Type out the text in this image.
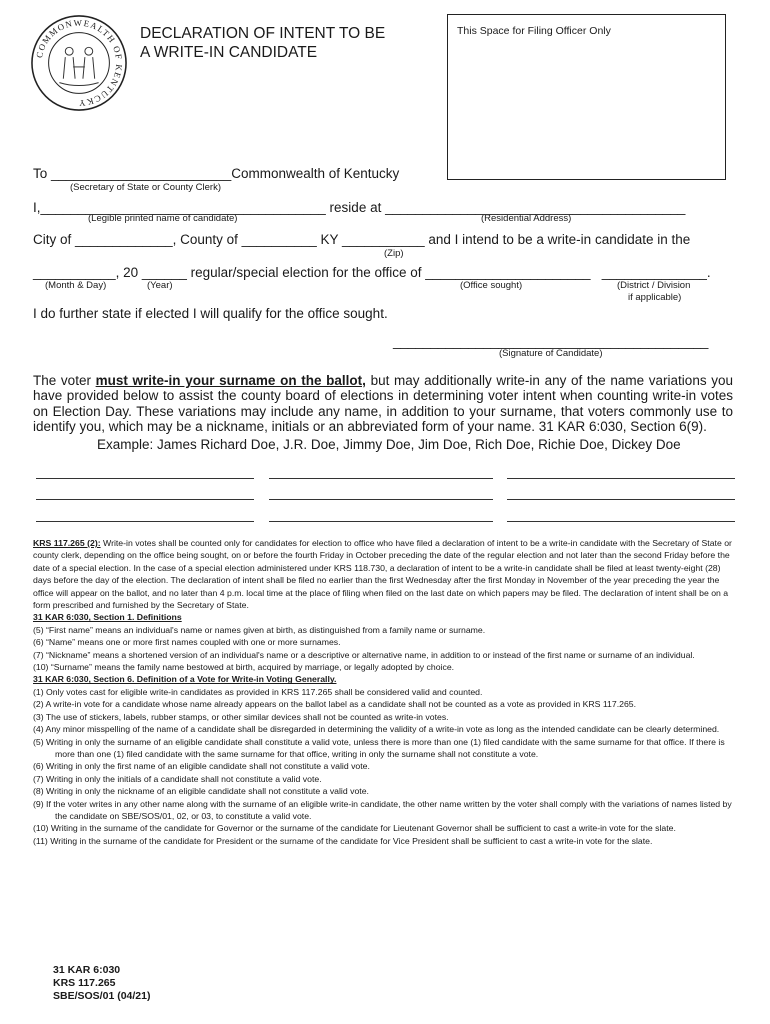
COMMONWEALTH OF KENTUCKY
DECLARATION OF INTENT TO BE
A WRITE-IN CANDIDATE
This Space for Filing Officer Only
To ________________________Commonwealth of Kentucky
(Secretary of State or County Clerk)
I,______________________________________ reside at ________________________________________
(Legible printed name of candidate)	(Residential Address)
City of _____________, County of __________ KY ___________ and I intend to be a write-in candidate in the
(Zip)
___________, 20 ______ regular/special election for the office of ______________________   ______________.
(Month & Day)	(Year)	(Office sought)	(District / Division
if applicable)
I do further state if elected I will qualify for the office sought.
__________________________________________
(Signature of Candidate)
The voter must write-in your surname on the ballot, but may additionally write-in any of the name variations you have provided below to assist the county board of elections in determining voter intent when counting write-in votes on Election Day. These variations may include any name, in addition to your surname, that voters commonly use to identify you, which may be a nickname, initials or an abbreviated form of your name. 31 KAR 6:030, Section 6(9).
Example: James Richard Doe, J.R. Doe, Jimmy Doe, Jim Doe, Rich Doe, Richie Doe, Dickey Doe

KRS 117.265 (2): Write-in votes shall be counted only for candidates for election to office who have filed a declaration of intent to be a write-in candidate with the Secretary of State or county clerk, depending on the office being sought, on or before the fourth Friday in October preceding the date of the regular election and not later than the second Friday before the date of a special election. In the case of a special election administered under KRS 118.730, a declaration of intent to be a write-in candidate shall be filed at least twenty-eight (28) days before the day of the election. The declaration of intent shall be filed no earlier than the first Wednesday after the first Monday in November of the year preceding the year the office will appear on the ballot, and no later than 4 p.m. local time at the place of filing when filed on the last date on which papers may be filed. The declaration of intent shall be on a form prescribed and furnished by the Secretary of State.

31 KAR 6:030, Section 1. Definitions

(5) “First name” means an individual's name or names given at birth, as distinguished from a family name or surname.

(6) “Name” means one or more first names coupled with one or more surnames.

(7) “Nickname” means a shortened version of an individual's name or a descriptive or alternative name, in addition to or instead of the first name or surname of an individual.

(10) “Surname” means the family name bestowed at birth, acquired by marriage, or legally adopted by choice.

31 KAR 6:030, Section 6. Definition of a Vote for Write-in Voting Generally.

(1) Only votes cast for eligible write-in candidates as provided in KRS 117.265 shall be considered valid and counted.

(2) A write-in vote for a candidate whose name already appears on the ballot label as a candidate shall not be counted as a vote as provided in KRS 117.265.

(3) The use of stickers, labels, rubber stamps, or other similar devices shall not be counted as write-in votes.

(4) Any minor misspelling of the name of a candidate shall be disregarded in determining the validity of a write-in vote as long as the intended candidate can be clearly determined.

(5) Writing in only the surname of an eligible candidate shall constitute a valid vote, unless there is more than one (1) filed candidate with the same surname for that office. If there is more than one (1) filed candidate with the same surname for that office, writing in only the surname shall not constitute a vote.

(6) Writing in only the first name of an eligible candidate shall not constitute a valid vote.

(7) Writing in only the initials of a candidate shall not constitute a valid vote.

(8) Writing in only the nickname of an eligible candidate shall not constitute a valid vote.

(9) If the voter writes in any other name along with the surname of an eligible write-in candidate, the other name written by the voter shall comply with the variations of names listed by the candidate on SBE/SOS/01, 02, or 03, to constitute a valid vote.

(10) Writing in the surname of the candidate for Governor or the surname of the candidate for Lieutenant Governor shall be sufficient to cast a write-in vote for the slate.

(11) Writing in the surname of the candidate for President or the surname of the candidate for Vice President shall be sufficient to cast a write-in vote for the slate.

31 KAR 6:030
KRS 117.265
SBE/SOS/01 (04/21)
